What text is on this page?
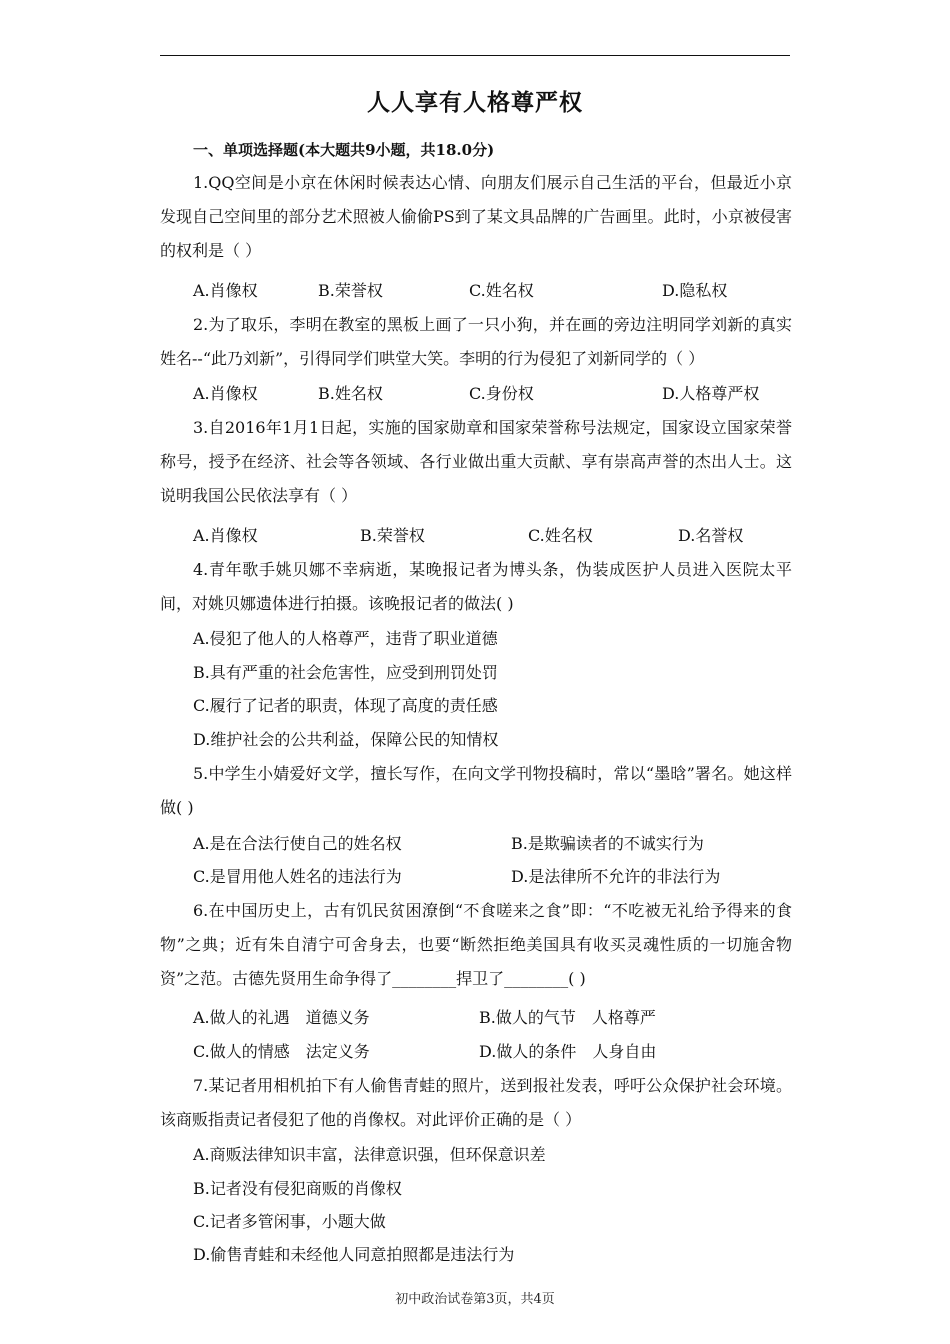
人人享有人格尊严权
一、单项选择题(本大题共9小题，共18.0分)
1.QQ空间是小京在休闲时候表达心情、向朋友们展示自己生活的平台，但最近小京发现自己空间里的部分艺术照被人偷偷PS到了某文具品牌的广告画里。此时，小京被侵害的权利是（ ）
A.肖像权	B.荣誉权	C.姓名权	D.隐私权
2.为了取乐，李明在教室的黑板上画了一只小狗，并在画的旁边注明同学刘新的真实姓名--“此乃刘新”，引得同学们哄堂大笑。李明的行为侵犯了刘新同学的（ ）
A.肖像权	B.姓名权	C.身份权	D.人格尊严权
3.自2016年1月1日起，实施的国家勋章和国家荣誉称号法规定，国家设立国家荣誉称号，授予在经济、社会等各领域、各行业做出重大贡献、享有崇高声誉的杰出人士。这说明我国公民依法享有（ ）
A.肖像权	B.荣誉权	C.姓名权	D.名誉权
4.青年歌手姚贝娜不幸病逝，某晚报记者为博头条，伪装成医护人员进入医院太平间，对姚贝娜遗体进行拍摄。该晚报记者的做法( )
A.侵犯了他人的人格尊严，违背了职业道德
B.具有严重的社会危害性，应受到刑罚处罚
C.履行了记者的职责，体现了高度的责任感
D.维护社会的公共利益，保障公民的知情权
5.中学生小婧爱好文学，擅长写作，在向文学刊物投稿时，常以“墨晗”署名。她这样做( )
A.是在合法行使自己的姓名权	B.是欺骗读者的不诚实行为
C.是冒用他人姓名的违法行为	D.是法律所不允许的非法行为
6.在中国历史上，古有饥民贫困潦倒“不食嗟来之食”即：“不吃被无礼给予得来的食物”之典；近有朱自清宁可舍身去，也要“断然拒绝美国具有收买灵魂性质的一切施舍物资”之范。古德先贤用生命争得了________捍卫了________( )
A.做人的礼遇　道德义务	B.做人的气节　人格尊严
C.做人的情感　法定义务	D.做人的条件　人身自由
7.某记者用相机拍下有人偷售青蛙的照片，送到报社发表，呼吁公众保护社会环境。该商贩指责记者侵犯了他的肖像权。对此评价正确的是（ ）
A.商贩法律知识丰富，法律意识强，但环保意识差
B.记者没有侵犯商贩的肖像权
C.记者多管闲事，小题大做
D.偷售青蛙和未经他人同意拍照都是违法行为
初中政治试卷第3页，共4页
